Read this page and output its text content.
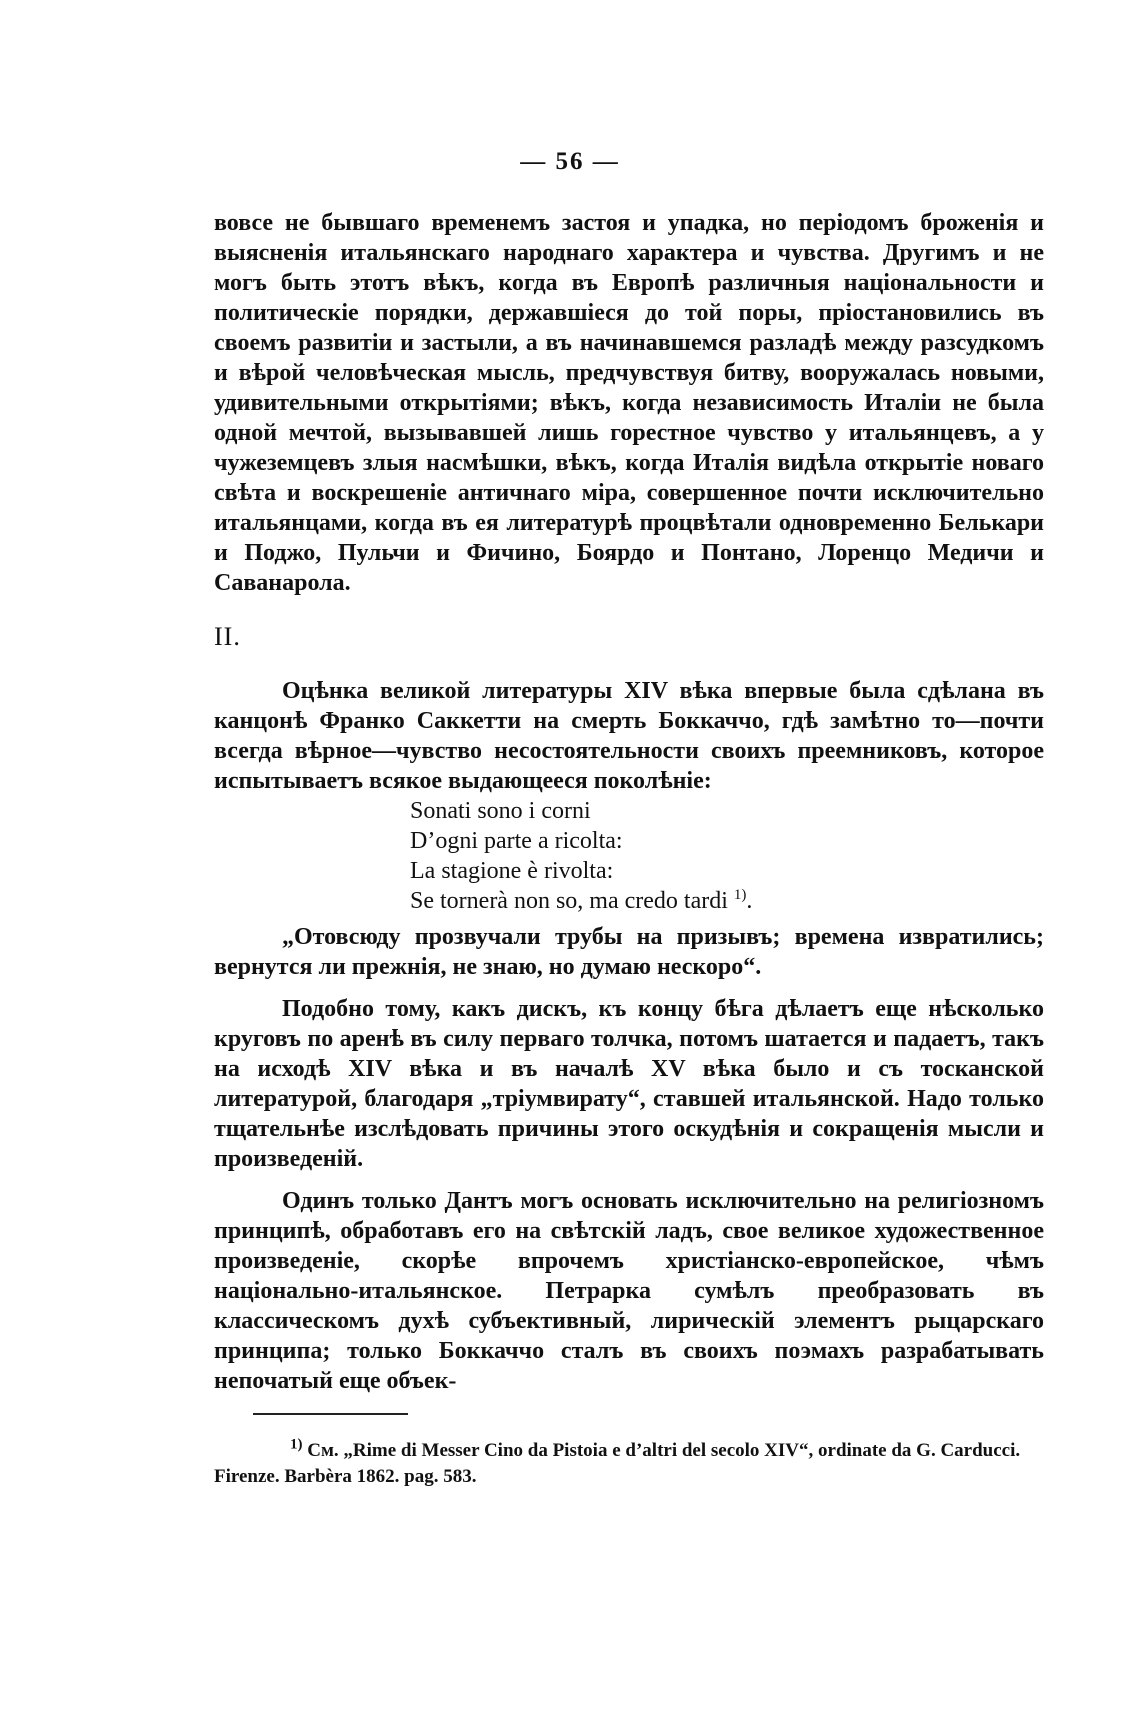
— 56 —

вовсе не бывшаго временемъ застоя и упадка, но періодомъ броженія и выясненія итальянскаго народнаго характера и чувства. Другимъ и не могъ быть этотъ вѣкъ, когда въ Европѣ различныя національности и политическіе порядки, державшіеся до той поры, пріостановились въ своемъ развитіи и застыли, а въ начинавшемся разладѣ между разсудкомъ и вѣрой человѣческая мысль, предчувствуя битву, вооружалась новыми, удивительными открытіями; вѣкъ, когда независимость Италіи не была одной мечтой, вызывавшей лишь горестное чувство у итальянцевъ, а у чужеземцевъ злыя насмѣшки, вѣкъ, когда Италія видѣла открытіе новаго свѣта и воскрешеніе античнаго міра, совершенное почти исключительно итальянцами, когда въ ея литературѣ процвѣтали одновременно Белькари и Поджо, Пульчи и Фичино, Боярдо и Понтано, Лоренцо Медичи и Саванарола.

II.

Оцѣнка великой литературы XIV вѣка впервые была сдѣлана въ канцонѣ Франко Саккетти на смерть Боккаччо, гдѣ замѣтно то—почти всегда вѣрное—чувство несостоятельности своихъ преемниковъ, которое испытываетъ всякое выдающееся поколѣніе:

Sonati sono i corni
D’ogni parte a ricolta:
La stagione è rivolta:
Se tornerà non so, ma credo tardi $^{1)}$.

„Отовсюду прозвучали трубы на призывъ; времена извратились; вернутся ли прежнія, не знаю, но думаю нескоро“.

Подобно тому, какъ дискъ, къ концу бѣга дѣлаетъ еще нѣсколько круговъ по аренѣ въ силу перваго толчка, потомъ шатается и падаетъ, такъ на исходѣ XIV вѣка и въ началѣ XV вѣка было и съ тосканской литературой, благодаря „тріумвирату“, ставшей итальянской. Надо только тщательнѣе изслѣдовать причины этого оскудѣнія и сокращенія мысли и произведеній.

Одинъ только Дантъ могъ основать исключительно на религіозномъ принципѣ, обработавъ его на свѣтскій ладъ, свое великое художественное произведеніе, скорѣе впрочемъ христіанско-европейское, чѣмъ національно-итальянское. Петрарка сумѣлъ преобразовать въ классическомъ духѣ субъективный, лирическій элементъ рыцарскаго принципа; только Боккаччо сталъ въ своихъ поэмахъ разрабатывать непочатый еще объек-

$^{1)}$ См. „Rime di Messer Cino da Pistoia e d’altri del secolo XIV“, ordinate da G. Carducci. Firenze. Barbèra 1862. pag. 583.
